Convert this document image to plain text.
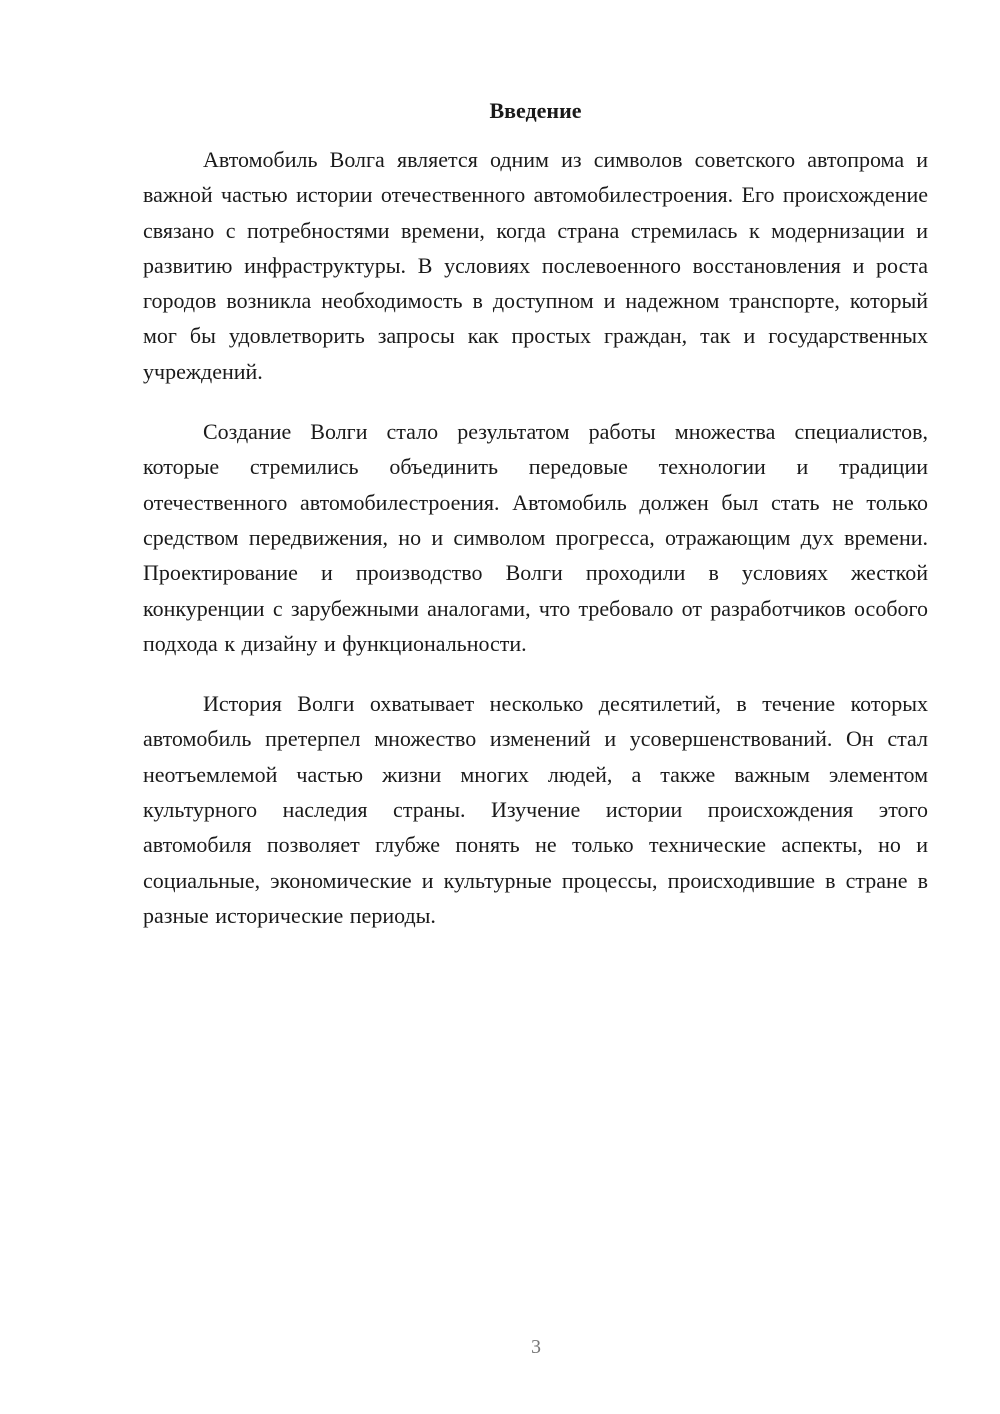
Введение

Автомобиль Волга является одним из символов советского автопрома и важной частью истории отечественного автомобилестроения. Его происхождение связано с потребностями времени, когда страна стремилась к модернизации и развитию инфраструктуры. В условиях послевоенного восстановления и роста городов возникла необходимость в доступном и надежном транспорте, который мог бы удовлетворить запросы как простых граждан, так и государственных учреждений.

Создание Волги стало результатом работы множества специалистов, которые стремились объединить передовые технологии и традиции отечественного автомобилестроения. Автомобиль должен был стать не только средством передвижения, но и символом прогресса, отражающим дух времени. Проектирование и производство Волги проходили в условиях жесткой конкуренции с зарубежными аналогами, что требовало от разработчиков особого подхода к дизайну и функциональности.

История Волги охватывает несколько десятилетий, в течение которых автомобиль претерпел множество изменений и усовершенствований. Он стал неотъемлемой частью жизни многих людей, а также важным элементом культурного наследия страны. Изучение истории происхождения этого автомобиля позволяет глубже понять не только технические аспекты, но и социальные, экономические и культурные процессы, происходившие в стране в разные исторические периоды.

3
